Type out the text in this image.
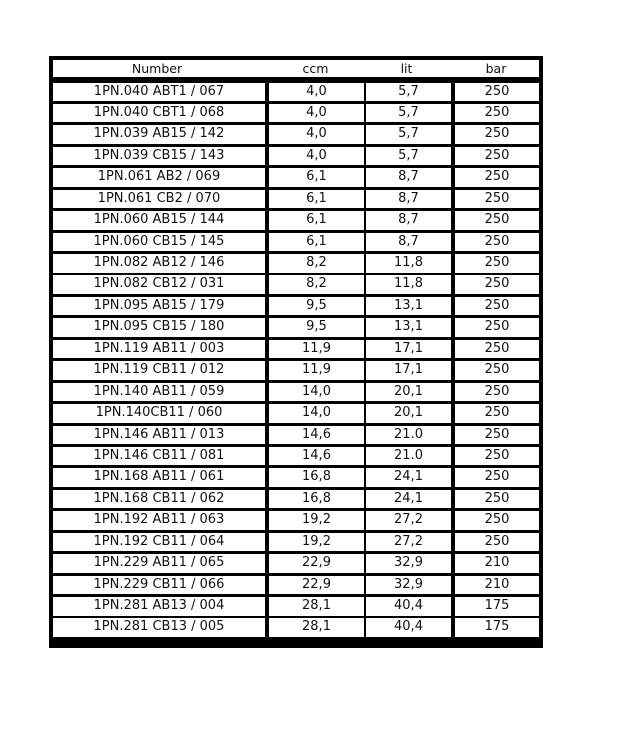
Number	ccm	lit	bar
1PN.040 ABT1 / 067	4,0	5,7	250
1PN.040 CBT1 / 068	4,0	5,7	250
1PN.039 AB15 / 142	4,0	5,7	250
1PN.039 CB15 / 143	4,0	5,7	250
1PN.061 AB2 / 069	6,1	8,7	250
1PN.061 CB2 / 070	6,1	8,7	250
1PN.060 AB15 / 144	6,1	8,7	250
1PN.060 CB15 / 145	6,1	8,7	250
1PN.082 AB12 / 146	8,2	11,8	250
1PN.082 CB12 / 031	8,2	11,8	250
1PN.095 AB15 / 179	9,5	13,1	250
1PN.095 CB15 / 180	9,5	13,1	250
1PN.119 AB11 / 003	11,9	17,1	250
1PN.119 CB11 / 012	11,9	17,1	250
1PN.140 AB11 / 059	14,0	20,1	250
1PN.140CB11 / 060	14,0	20,1	250
1PN.146 AB11 / 013	14,6	21.0	250
1PN.146 CB11 / 081	14,6	21.0	250
1PN.168 AB11 / 061	16,8	24,1	250
1PN.168 CB11 / 062	16,8	24,1	250
1PN.192 AB11 / 063	19,2	27,2	250
1PN.192 CB11 / 064	19,2	27,2	250
1PN.229 AB11 / 065	22,9	32,9	210
1PN.229 CB11 / 066	22,9	32,9	210
1PN.281 AB13 / 004	28,1	40,4	175
1PN.281 CB13 / 005	28,1	40,4	175
